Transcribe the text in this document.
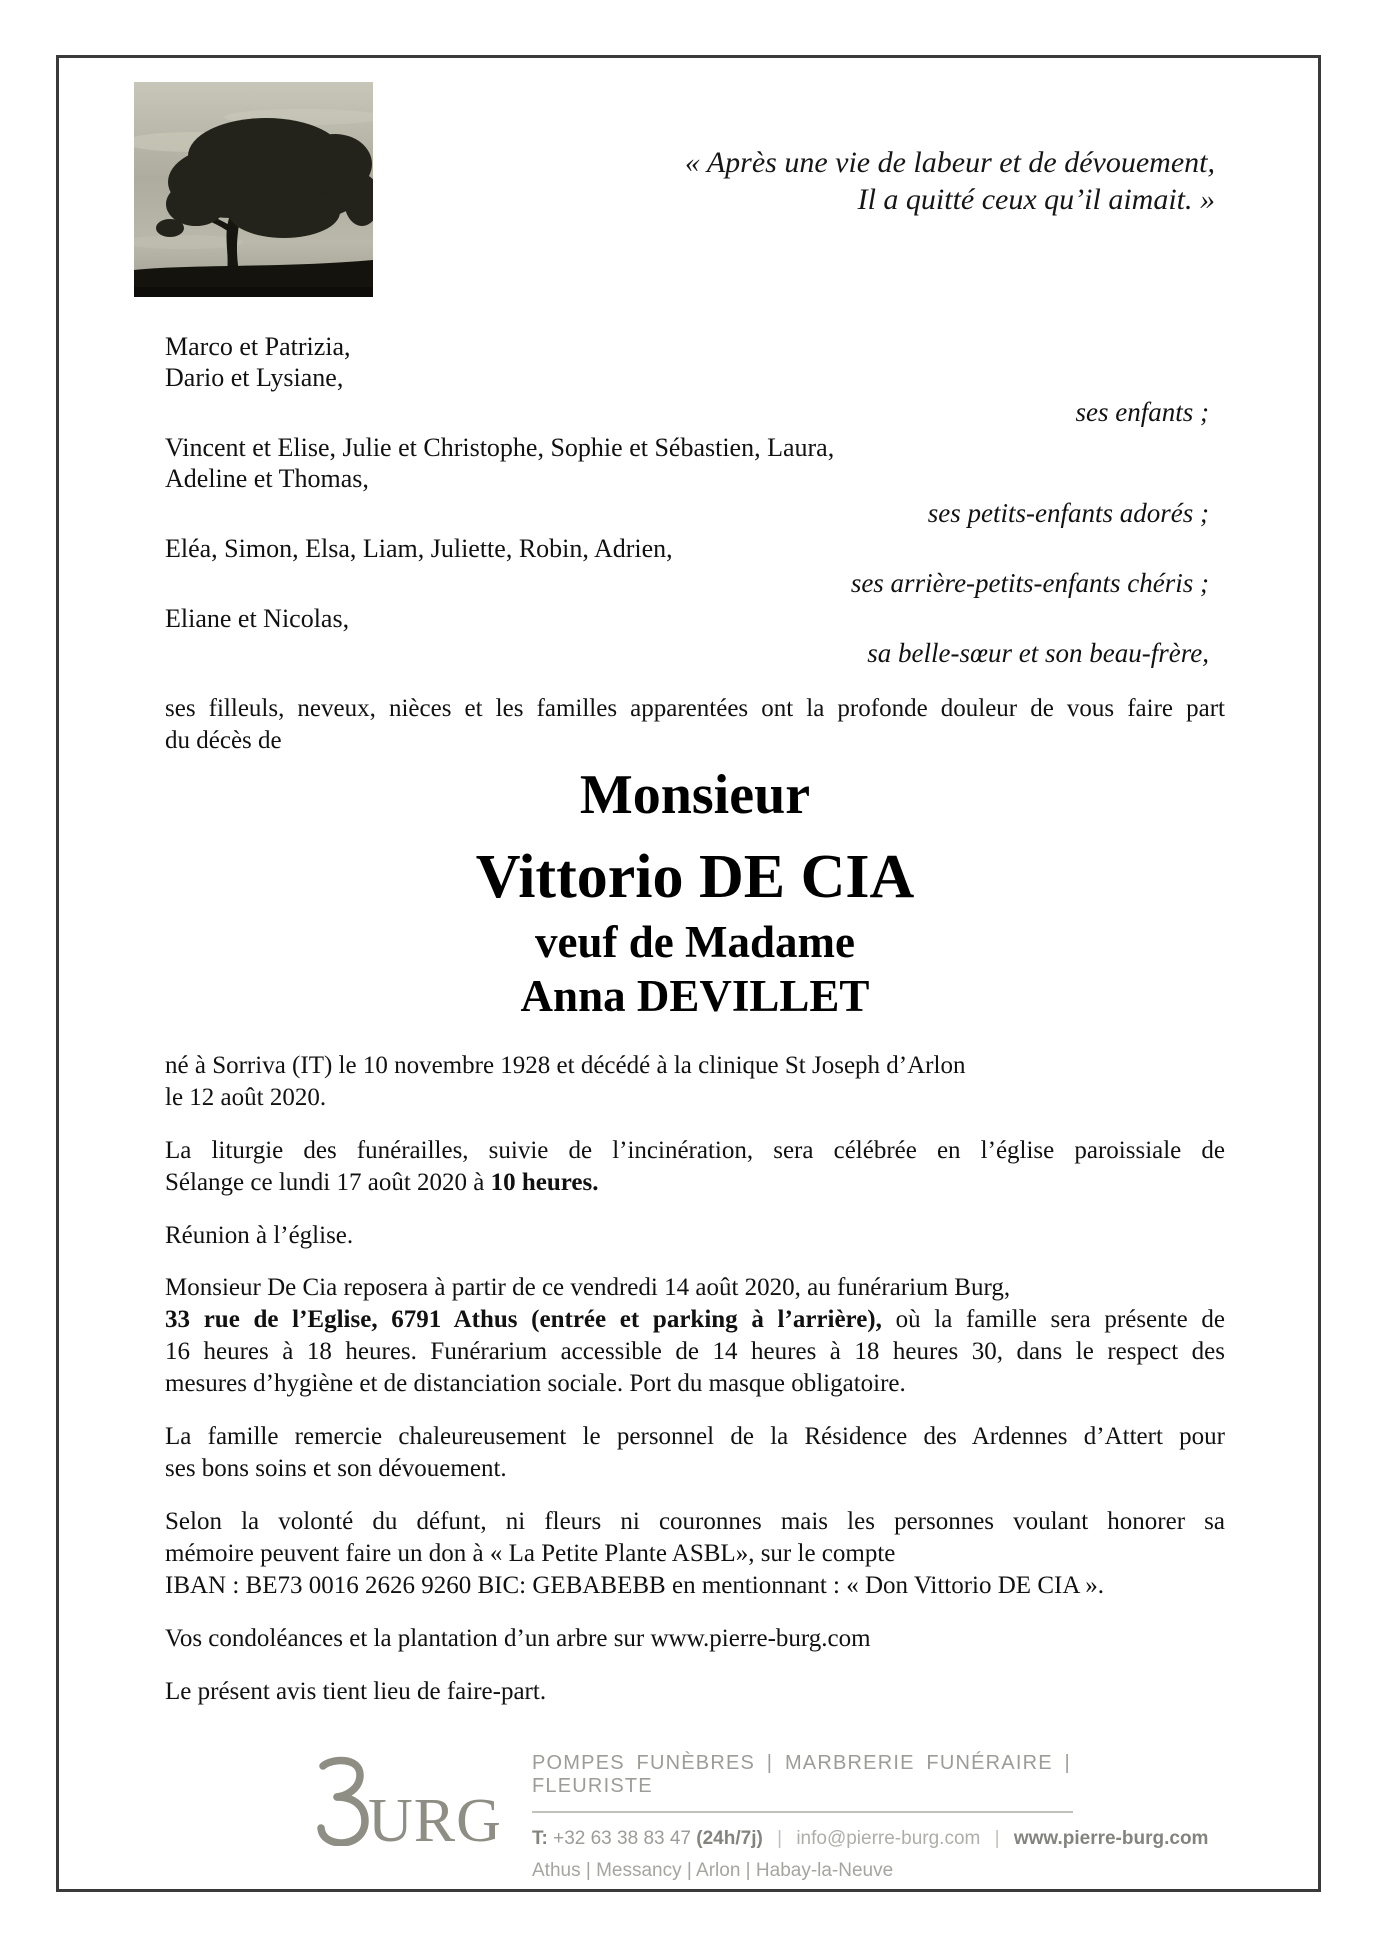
« Après une vie de labeur et de dévouement,
Il a quitté ceux qu’il aimait. »
Marco et Patrizia,
Dario et Lysiane,
ses enfants ;
Vincent et Elise, Julie et Christophe, Sophie et Sébastien, Laura,
Adeline et Thomas,
ses petits-enfants adorés ;
Eléa, Simon, Elsa, Liam, Juliette, Robin, Adrien,
ses arrière-petits-enfants chéris ;
Eliane et Nicolas,
sa belle-sœur et son beau-frère,
ses filleuls, neveux, nièces et les familles apparentées ont la profonde douleur de vous faire part
du décès de
Monsieur
Vittorio DE CIA
veuf de Madame
Anna DEVILLET
né à Sorriva (IT) le 10 novembre 1928 et décédé à la clinique St Joseph d’Arlon
le 12 août 2020.
La liturgie des funérailles, suivie de l’incinération, sera célébrée en l’église paroissiale de
Sélange ce lundi 17 août 2020 à 10 heures.
Réunion à l’église.
Monsieur De Cia reposera à partir de ce vendredi 14 août 2020, au funérarium Burg,
33 rue de l’Eglise, 6791 Athus (entrée et parking à l’arrière), où la famille sera présente de
16 heures à 18 heures. Funérarium accessible de 14 heures à 18 heures 30, dans le respect des
mesures d’hygiène et de distanciation sociale. Port du masque obligatoire.
La famille remercie chaleureusement le personnel de la Résidence des Ardennes d’Attert pour
ses bons soins et son dévouement.
Selon la volonté du défunt, ni fleurs ni couronnes mais les personnes voulant honorer sa
mémoire peuvent faire un don à « La Petite Plante ASBL», sur le compte
IBAN : BE73 0016 2626 9260 BIC: GEBABEBB en mentionnant : « Don Vittorio DE CIA ».
Vos condoléances et la plantation d’un arbre sur www.pierre-burg.com
Le présent avis tient lieu de faire-part.
URG
POMPES FUNÈBRES | MARBRERIE FUNÉRAIRE | FLEURISTE
T: +32 63 38 83 47 (24h/7j) | info@pierre-burg.com | www.pierre-burg.com
Athus | Messancy | Arlon | Habay-la-Neuve
